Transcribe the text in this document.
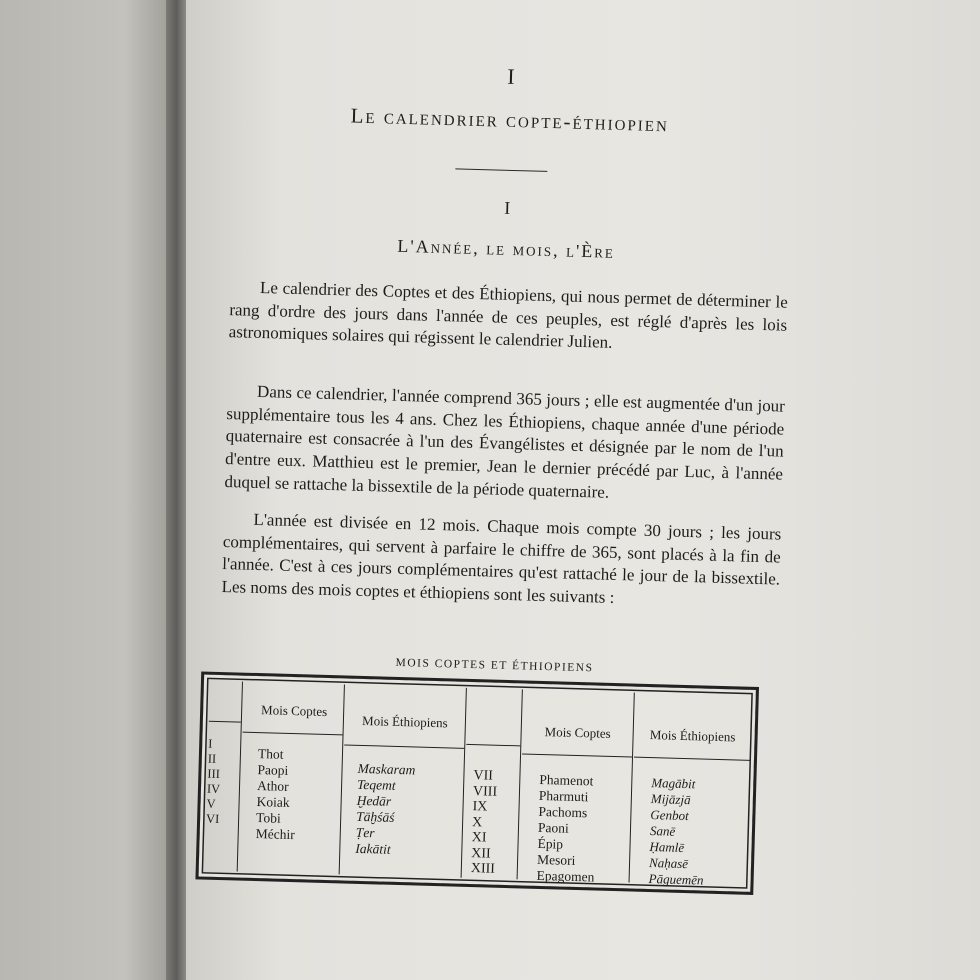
I
Le calendrier copte-éthiopien
I
L'Année, le mois, l'Ère

Le calendrier des Coptes et des Éthiopiens, qui nous permet de déterminer le rang d'ordre des jours dans l'année de ces peuples, est réglé d'après les lois astronomiques solaires qui régissent le calendrier Julien.

Dans ce calendrier, l'année comprend 365 jours ; elle est augmentée d'un jour supplémentaire tous les 4 ans. Chez les Éthiopiens, chaque année d'une période quaternaire est consacrée à l'un des Évangélistes et désignée par le nom de l'un d'entre eux. Matthieu est le premier, Jean le dernier précédé par Luc, à l'année duquel se rattache la bissextile de la période quaternaire.

L'année est divisée en 12 mois. Chaque mois compte 30 jours ; les jours complémentaires, qui servent à parfaire le chiffre de 365, sont placés à la fin de l'année. C'est à ces jours complémentaires qu'est rattaché le jour de la bissextile. Les noms des mois coptes et éthiopiens sont les suivants :

MOIS COPTES ET ÉTHIOPIENS
Mois Coptes
Mois Éthiopiens
Mois Coptes	Mois Éthiopiens
I
II
III
IV
V
VI
Thot
Paopi
Athor
Koiak
Tobi
Méchir
Maskaram
Teqemt
Ḫedār
Tāḫśāś
Ṭer
Iakātit
VII
VIII
IX
X
XI
XII
XIII
Phamenot
Pharmuti
Pachoms
Paoni
Épip
Mesori
Epagomen
Magābit
Mijāzjā
Genbot
Sanē
Ḥamlē
Naḥasē
Pāguemēn
